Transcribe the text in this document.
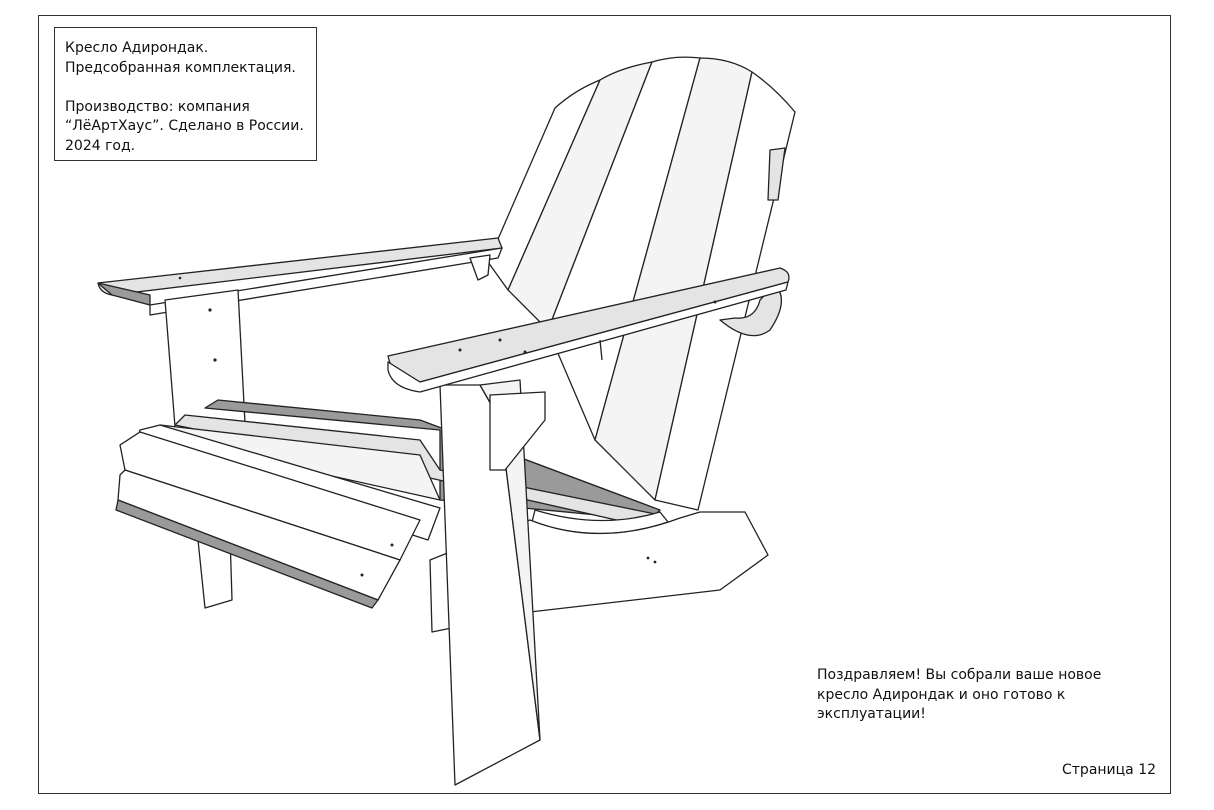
Кресло Адирондак.
Предсобранная комплектация.
Производство: компания
“ЛёАртХаус”. Сделано в России.
2024 год.
Поздравляем! Вы собрали ваше новое
кресло Адирондак и оно готово к
эксплуатации!
Страница 12
